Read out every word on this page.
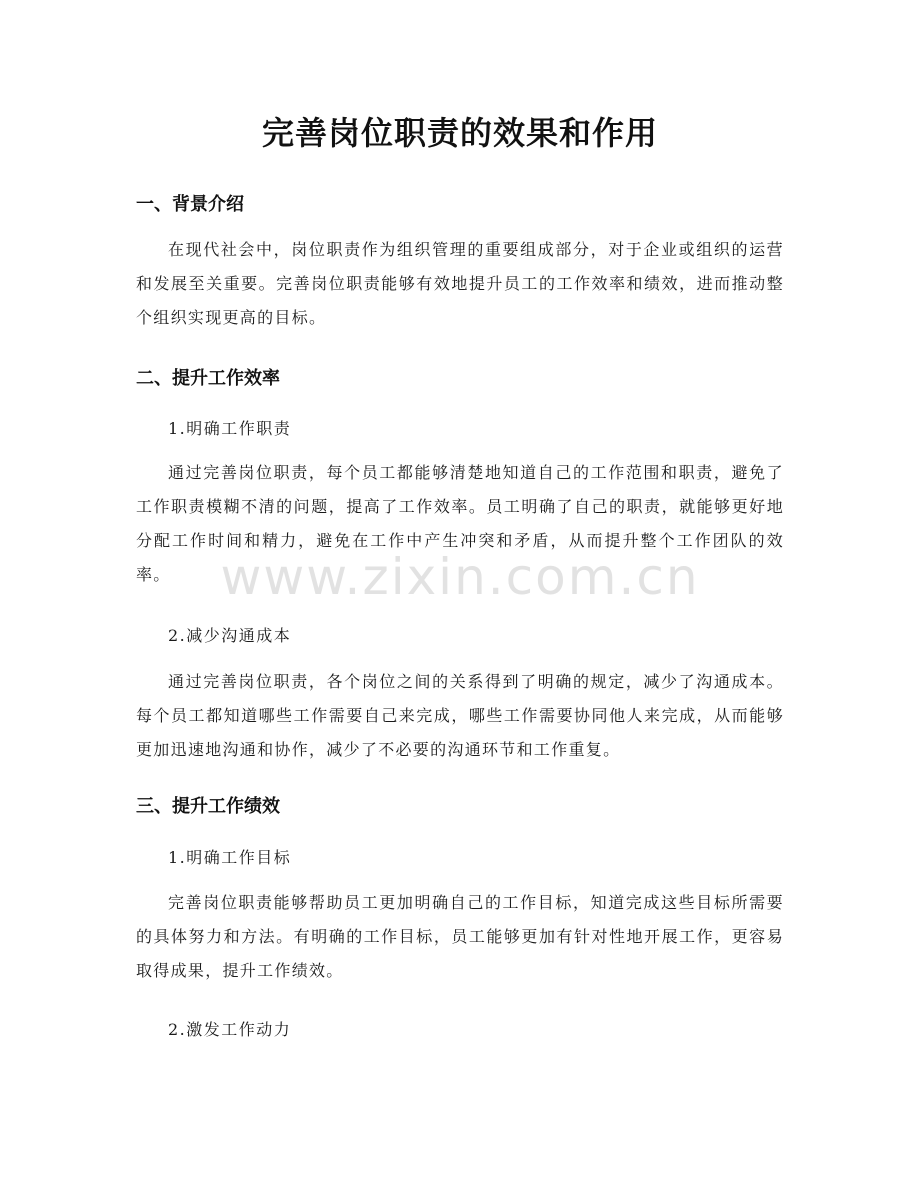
完善岗位职责的效果和作用
一、背景介绍

在现代社会中，岗位职责作为组织管理的重要组成部分，对于企业或组织的运营和发展至关重要。完善岗位职责能够有效地提升员工的工作效率和绩效，进而推动整个组织实现更高的目标。

二、提升工作效率

1.明确工作职责

通过完善岗位职责，每个员工都能够清楚地知道自己的工作范围和职责，避免了工作职责模糊不清的问题，提高了工作效率。员工明确了自己的职责，就能够更好地分配工作时间和精力，避免在工作中产生冲突和矛盾，从而提升整个工作团队的效率。

2.减少沟通成本

通过完善岗位职责，各个岗位之间的关系得到了明确的规定，减少了沟通成本。每个员工都知道哪些工作需要自己来完成，哪些工作需要协同他人来完成，从而能够更加迅速地沟通和协作，减少了不必要的沟通环节和工作重复。

三、提升工作绩效

1.明确工作目标

完善岗位职责能够帮助员工更加明确自己的工作目标，知道完成这些目标所需要的具体努力和方法。有明确的工作目标，员工能够更加有针对性地开展工作，更容易取得成果，提升工作绩效。

2.激发工作动力

www.zixin.com.cn
